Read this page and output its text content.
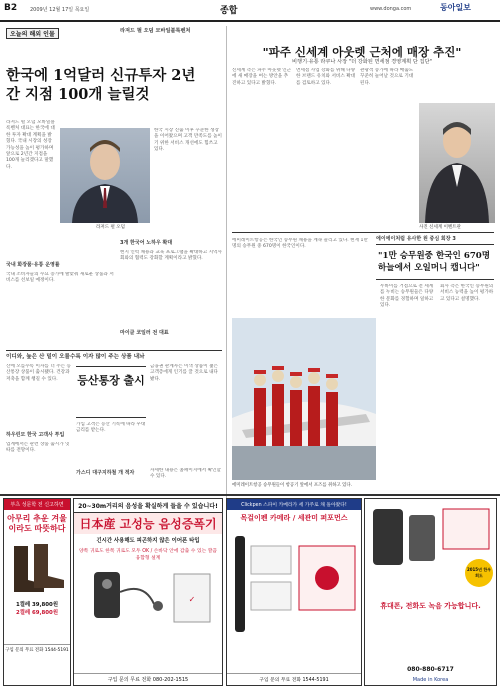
B2	2009년 12월 17일 목요일	종합	www.donga.com	동아일보
오늘의 해외 인물	라져드 펄 오덤 모바일블록벤처
한국에 1억달러 신규투자 2년간 지점 100개 늘릴것
라져드 펄 오덤 모바일블록벤처 대표는 한국에 대한 투자 확대 계획을 밝혔다. 국내 시장의 성장 가능성을 높이 평가하며 앞으로 2년간 지점을 100개 늘리겠다고 말했다.
라져드 펄 오덤
한국 시장 진출 이후 꾸준한 성장을 이어왔으며 고객 만족도를 높이기 위한 서비스 개선에도 힘쓰고 있다.
국내 화장품·유통 운영률
3개 한국어 노하우 확대
국내 소비자들의 수요 증가에 발맞춰 새로운 상품과 서비스를 선보일 예정이다.
현지 인력 채용과 교육 프로그램을 확대하고 지역사회와의 협력도 강화할 계획이라고 밝혔다.
마이클 코일러 전 대표
이디와, 높은 산 밑이 오를수록 이자 많이 주는 상품 내놔
산에 오를수록 이자를 더 주는 등산통장 상품이 출시됐다. 건강과 저축을 함께 챙길 수 있다.	등산통장 출시
가입 고객은 등산 기록에 따라 우대금리를 받는다.
금융권 관계자는 이색 상품이 젊은 고객층에게 인기를 끌 것으로 내다봤다.
하우린모 한국 고객사 투입
가스디 대구지하철 개 적자
업계에서는 관련 상품 출시가 잇따를 전망이다.
자세한 내용은 홈페이지에서 확인할 수 있다.
"파주 신세계 아웃렛 근처에 매장 추진"
비행기·유통 라쿠나 사장 "더 강화된 면세점 경영계획 단 집단"
신세계 측은 파주 아웃렛 인근에 새 매장을 여는 방안을 추진하고 있다고 밝혔다.
면세점 사업 강화를 위해 다양한 브랜드 유치와 서비스 확대를 검토하고 있다.
관광객 증가에 따라 매출도 꾸준히 늘어날 것으로 기대된다.
사진 신세계 이벤트관
에이에이처럼 유사한 원 중심 회장 3
"1만 승무원중 한국인 670명 하늘에서 오일머니 캡니다"
에미레이트항공은 한국인 승무원 채용을 계속 늘리고 있다. 현재 1만 명의 승무원 중 670명이 한국인이다.
에미레이트항공 승무원들이 항공기 앞에서 포즈를 취하고 있다.
두바이를 거점으로 전 세계를 누비는 승무원들은 다양한 문화를 경험하며 일하고 있다.
회사 측은 한국인 승무원의 서비스 능력을 높이 평가하고 있다고 설명했다.
부츠 성문학 전 신고하면
아무리 추운 겨울이라도 따뜻하다
1켤레 39,800원
2켤레 69,800원
구입 문의 무료 전화 1544-5191
20~30m거리의 음성을 확실하게 들을 수 있습니다!
日本産 고성능 음성증폭기
긴시간 사용해도 피곤하지 않은 이어폰 타입
양쪽 귀로도 한쪽 귀로도 모두 OK / 손바닥 안에 감출 수 있는 깔끔 융합형 설계
✓
구입 문의 무료 전화 080-202-1515
Clickpen 스파이 카메라가 세 가주로 채 돌아왔다!
목걸이펜 카메라 / 세관미 퍼포먼스
구입 문의 무료 전화 1544-5191
휴대폰, 전화도 녹음 가능합니다.
2015년 한우 회도
080-880-6717
Made in Korea
